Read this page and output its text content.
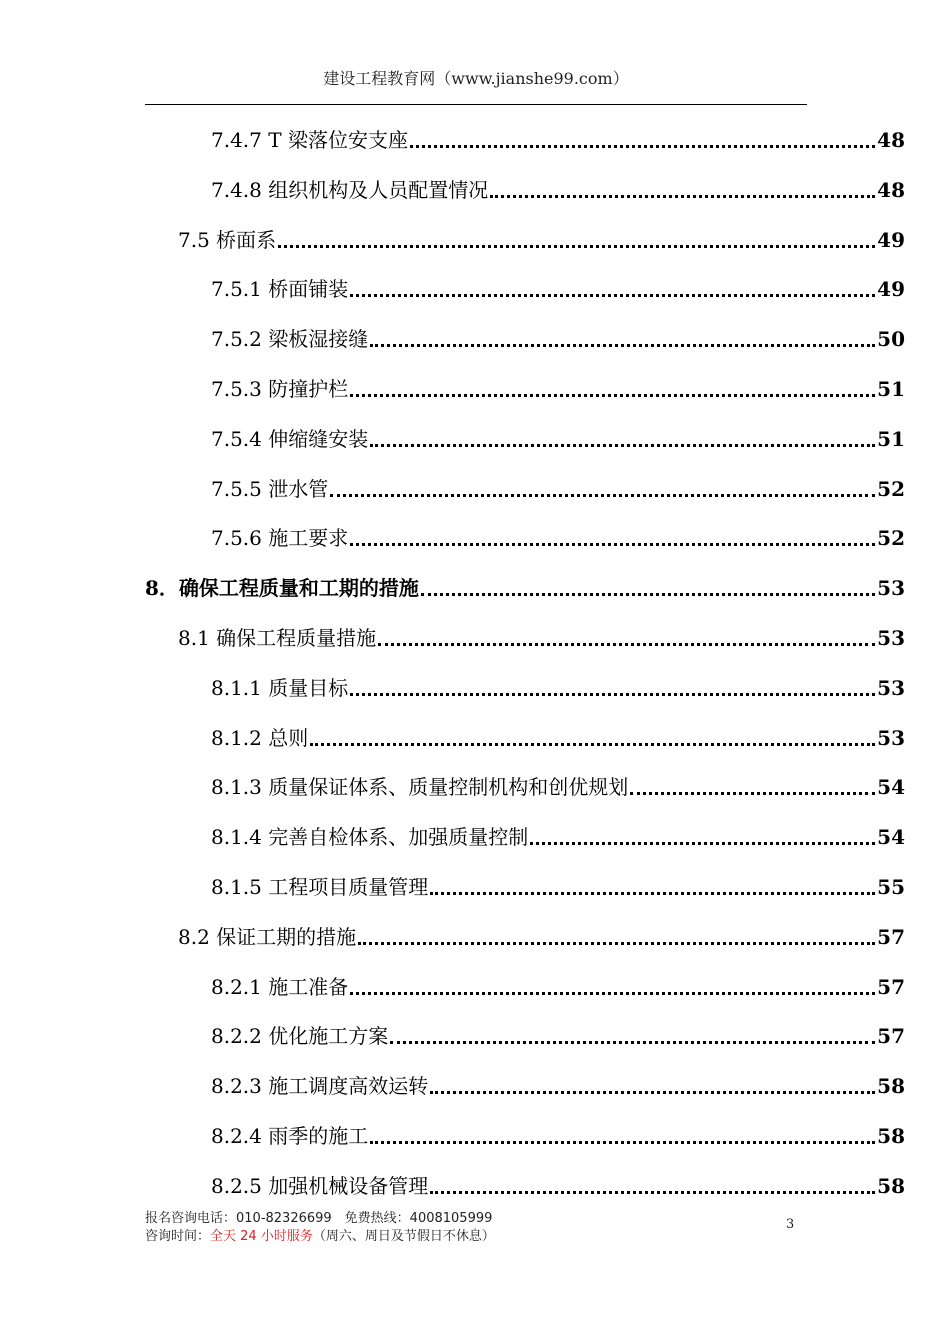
建设工程教育网（www.jianshe99.com）
7.4.7 T 梁落位安支座	48
7.4.8 组织机构及人员配置情况	48
7.5 桥面系	49
7.5.1 桥面铺装	49
7.5.2 梁板湿接缝	50
7.5.3 防撞护栏	51
7.5.4 伸缩缝安装	51
7.5.5 泄水管	52
7.5.6 施工要求	52
8．确保工程质量和工期的措施	53
8.1 确保工程质量措施	53
8.1.1 质量目标	53
8.1.2 总则	53
8.1.3 质量保证体系、质量控制机构和创优规划	54
8.1.4 完善自检体系、加强质量控制	54
8.1.5 工程项目质量管理	55
8.2 保证工期的措施	57
8.2.1 施工准备	57
8.2.2 优化施工方案	57
8.2.3 施工调度高效运转	58
8.2.4 雨季的施工	58
8.2.5 加强机械设备管理	58
报名咨询电话：010-82326699　免费热线：4008105999
咨询时间：全天 24 小时服务（周六、周日及节假日不休息）
3
